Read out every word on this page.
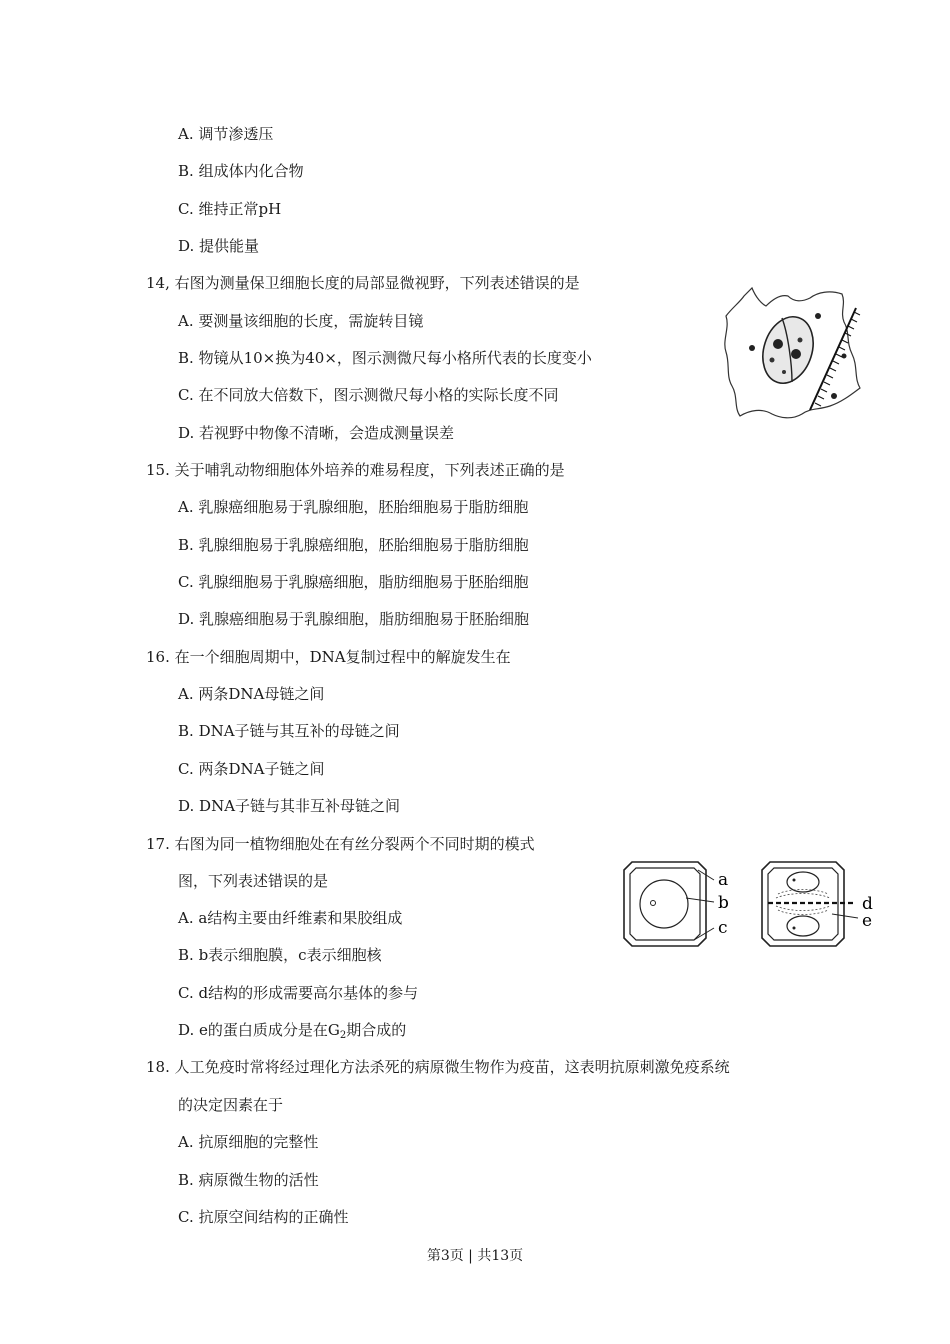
A. 调节渗透压
B. 组成体内化合物
C. 维持正常pH
D. 提供能量
14, 右图为测量保卫细胞长度的局部显微视野，下列表述错误的是
A. 要测量该细胞的长度，需旋转目镜
B. 物镜从10×换为40×，图示测微尺每小格所代表的长度变小
C. 在不同放大倍数下，图示测微尺每小格的实际长度不同
D. 若视野中物像不清晰，会造成测量误差
15. 关于哺乳动物细胞体外培养的难易程度，下列表述正确的是
A. 乳腺癌细胞易于乳腺细胞，胚胎细胞易于脂肪细胞
B. 乳腺细胞易于乳腺癌细胞，胚胎细胞易于脂肪细胞
C. 乳腺细胞易于乳腺癌细胞，脂肪细胞易于胚胎细胞
D. 乳腺癌细胞易于乳腺细胞，脂肪细胞易于胚胎细胞
16. 在一个细胞周期中，DNA复制过程中的解旋发生在
A. 两条DNA母链之间
B. DNA子链与其互补的母链之间
C. 两条DNA子链之间
D. DNA子链与其非互补母链之间
17. 右图为同一植物细胞处在有丝分裂两个不同时期的模式
图，下列表述错误的是
A. a结构主要由纤维素和果胶组成
B. b表示细胞膜，c表示细胞核
C. d结构的形成需要高尔基体的参与
D. e的蛋白质成分是在$G_2$期合成的
a
b
c
d
e
18. 人工免疫时常将经过理化方法杀死的病原微生物作为疫苗，这表明抗原刺激免疫系统
的决定因素在于
A. 抗原细胞的完整性
B. 病原微生物的活性
C. 抗原空间结构的正确性
第3页 | 共13页
